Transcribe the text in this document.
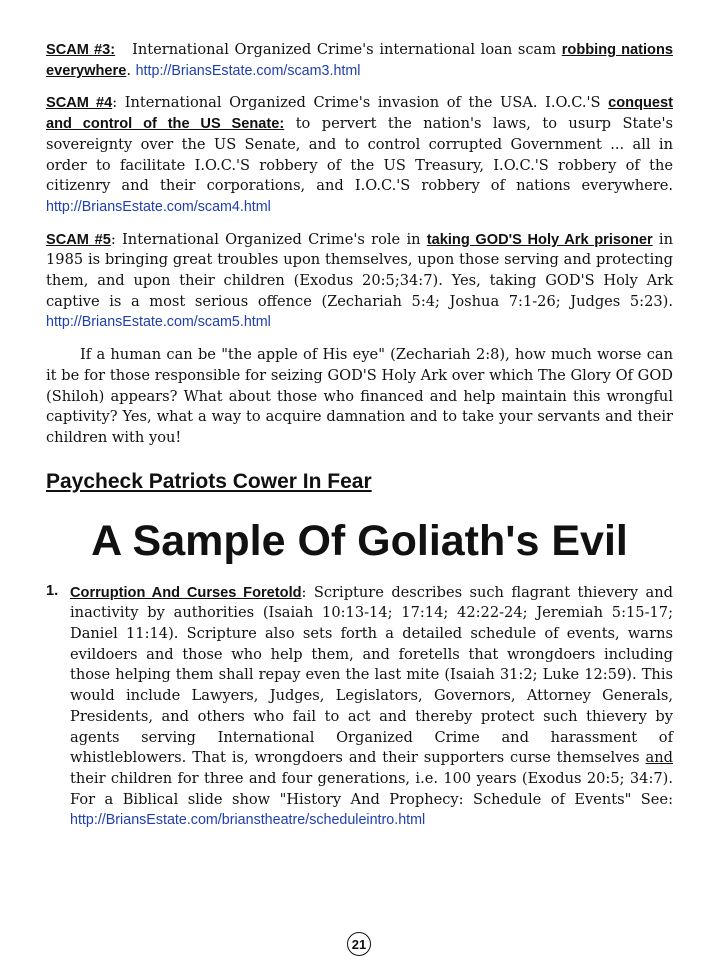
SCAM #3: International Organized Crime's international loan scam robbing nations everywhere. http://BriansEstate.com/scam3.html

SCAM #4: International Organized Crime's invasion of the USA. I.O.C.'S conquest and control of the US Senate: to pervert the nation's laws, to usurp State's sovereignty over the US Senate, and to control corrupted Government ... all in order to facilitate I.O.C.'S robbery of the US Treasury, I.O.C.'S robbery of the citizenry and their corporations, and I.O.C.'S robbery of nations everywhere. http://BriansEstate.com/scam4.html

SCAM #5: International Organized Crime's role in taking GOD'S Holy Ark prisoner in 1985 is bringing great troubles upon themselves, upon those serving and protecting them, and upon their children (Exodus 20:5;34:7). Yes, taking GOD'S Holy Ark captive is a most serious offence (Zechariah 5:4; Joshua 7:1-26; Judges 5:23). http://BriansEstate.com/scam5.html

If a human can be "the apple of His eye" (Zechariah 2:8), how much worse can it be for those responsible for seizing GOD'S Holy Ark over which The Glory Of GOD (Shiloh) appears? What about those who financed and help maintain this wrongful captivity? Yes, what a way to acquire damnation and to take your servants and their children with you!

Paycheck Patriots Cower In Fear
A Sample Of Goliath's Evil
1. Corruption And Curses Foretold: Scripture describes such flagrant thievery and inactivity by authorities (Isaiah 10:13-14; 17:14; 42:22-24; Jeremiah 5:15-17; Daniel 11:14). Scripture also sets forth a detailed schedule of events, warns evildoers and those who help them, and foretells that wrongdoers including those helping them shall repay even the last mite (Isaiah 31:2; Luke 12:59). This would include Lawyers, Judges, Legislators, Governors, Attorney Generals, Presidents, and others who fail to act and thereby protect such thievery by agents serving International Organized Crime and harassment of whistleblowers. That is, wrongdoers and their supporters curse themselves and their children for three and four generations, i.e. 100 years (Exodus 20:5; 34:7). For a Biblical slide show "History And Prophecy: Schedule of Events" See: http://BriansEstate.com/brianstheatre/scheduleintro.html

21
